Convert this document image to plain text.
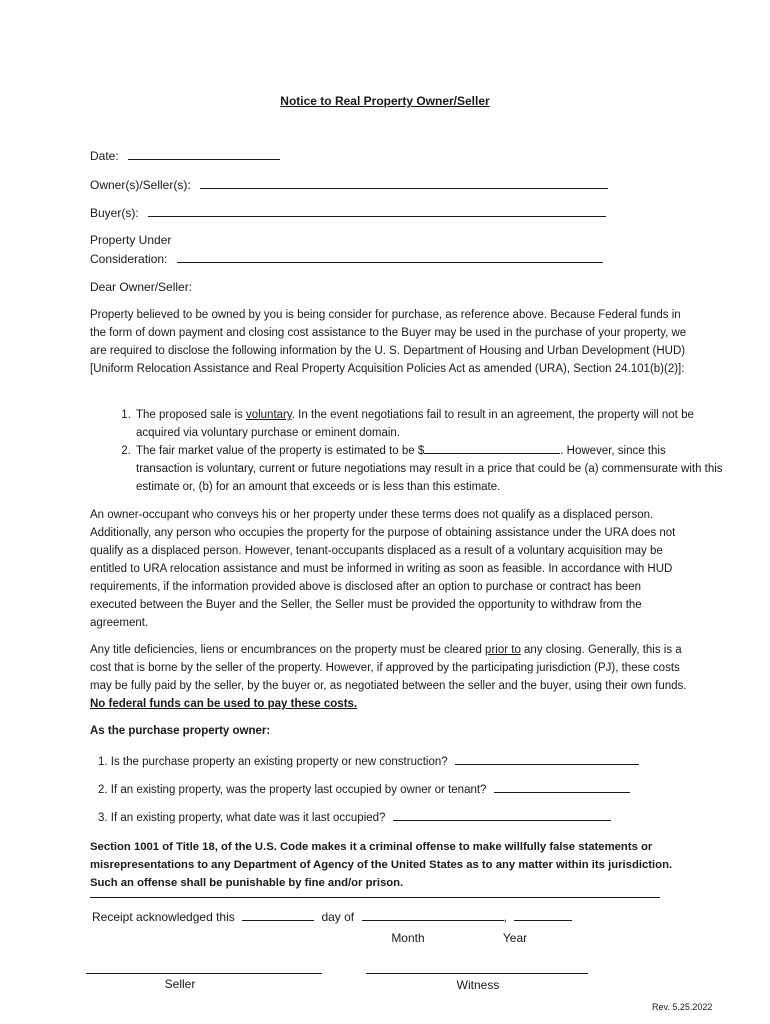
Notice to Real Property Owner/Seller
Date:
Owner(s)/Seller(s):
Buyer(s):
Property Under
Consideration:
Dear Owner/Seller:
Property believed to be owned by you is being consider for purchase, as reference above. Because Federal funds in the form of down payment and closing cost assistance to the Buyer may be used in the purchase of your property, we are required to disclose the following information by the U. S. Department of Housing and Urban Development (HUD) [Uniform Relocation Assistance and Real Property Acquisition Policies Act as amended (URA), Section 24.101(b)(2)]:
1. The proposed sale is voluntary. In the event negotiations fail to result in an agreement, the property will not be acquired via voluntary purchase or eminent domain.
2. The fair market value of the property is estimated to be $	. However, since this transaction is voluntary, current or future negotiations may result in a price that could be (a) commensurate with this estimate or, (b) for an amount that exceeds or is less than this estimate.
An owner-occupant who conveys his or her property under these terms does not qualify as a displaced person. Additionally, any person who occupies the property for the purpose of obtaining assistance under the URA does not qualify as a displaced person. However, tenant-occupants displaced as a result of a voluntary acquisition may be entitled to URA relocation assistance and must be informed in writing as soon as feasible. In accordance with HUD requirements, if the information provided above is disclosed after an option to purchase or contract has been executed between the Buyer and the Seller, the Seller must be provided the opportunity to withdraw from the agreement.
Any title deficiencies, liens or encumbrances on the property must be cleared prior to any closing. Generally, this is a cost that is borne by the seller of the property. However, if approved by the participating jurisdiction (PJ), these costs may be fully paid by the seller, by the buyer or, as negotiated between the seller and the buyer, using their own funds. No federal funds can be used to pay these costs.
As the purchase property owner:
1. Is the purchase property an existing property or new construction?
2. If an existing property, was the property last occupied by owner or tenant?
3. If an existing property, what date was it last occupied?
Section 1001 of Title 18, of the U.S. Code makes it a criminal offense to make willfully false statements or misrepresentations to any Department of Agency of the United States as to any matter within its jurisdiction. Such an offense shall be punishable by fine and/or prison.
Receipt acknowledged this	day of	,
Month	Year
Seller	Witness
Rev. 5.25.2022
